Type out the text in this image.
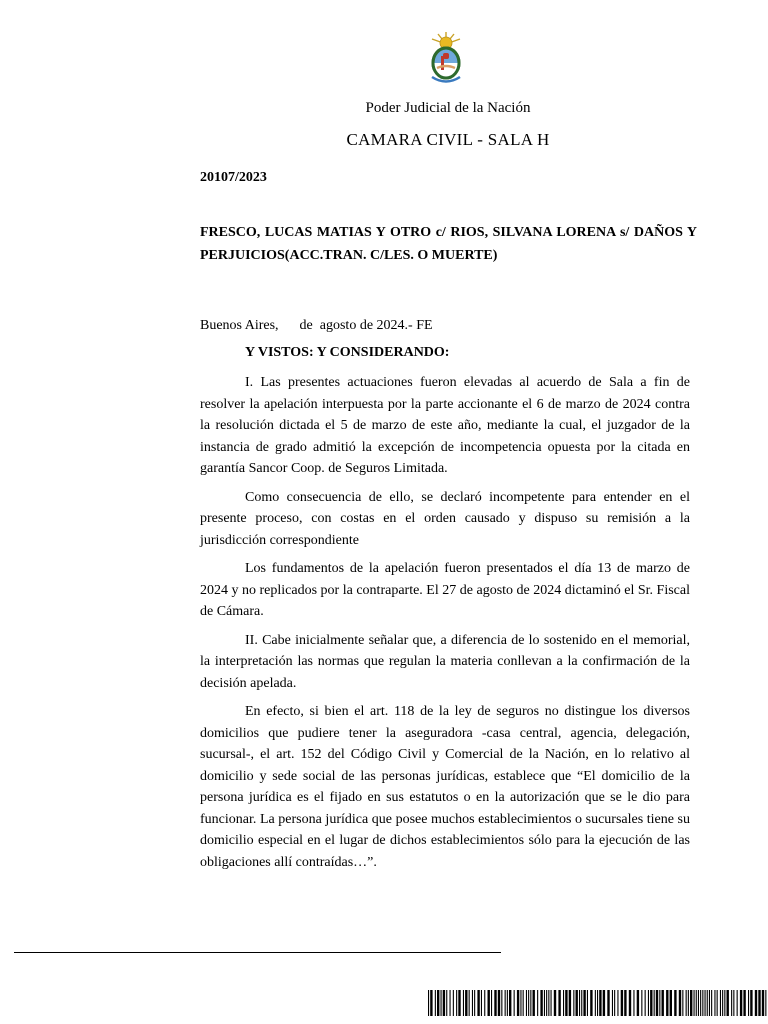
Poder Judicial de la Nación
CAMARA CIVIL - SALA H
20107/2023
FRESCO, LUCAS MATIAS Y OTRO c/ RIOS, SILVANA LORENA s/ DAÑOS Y PERJUICIOS(ACC.TRAN. C/LES. O MUERTE)
Buenos Aires,      de  agosto de 2024.- FE
Y VISTOS: Y CONSIDERANDO:

I. Las presentes actuaciones fueron elevadas al acuerdo de Sala a fin de resolver la apelación interpuesta por la parte accionante el 6 de marzo de 2024 contra la resolución dictada el 5 de marzo de este año, mediante la cual, el juzgador de la instancia de grado admitió la excepción de incompetencia opuesta por la citada en garantía Sancor Coop. de Seguros Limitada.

Como consecuencia de ello, se declaró incompetente para entender en el presente proceso, con costas en el orden causado y dispuso su remisión a la jurisdicción correspondiente

Los fundamentos de la apelación fueron presentados el día 13 de marzo de 2024 y no replicados por la contraparte. El 27 de agosto de 2024 dictaminó el Sr. Fiscal de Cámara.

II. Cabe inicialmente señalar que, a diferencia de lo sostenido en el memorial, la interpretación las normas que regulan la materia conllevan a la confirmación de la decisión apelada.

En efecto, si bien el art. 118 de la ley de seguros no distingue los diversos domicilios que pudiere tener la aseguradora -casa central, agencia, delegación, sucursal-, el art. 152 del Código Civil y Comercial de la Nación, en lo relativo al domicilio y sede social de las personas jurídicas, establece que “El domicilio de la persona jurídica es el fijado en sus estatutos o en la autorización que se le dio para funcionar. La persona jurídica que posee muchos establecimientos o sucursales tiene su domicilio especial en el lugar de dichos establecimientos sólo para la ejecución de las obligaciones allí contraídas…”.
